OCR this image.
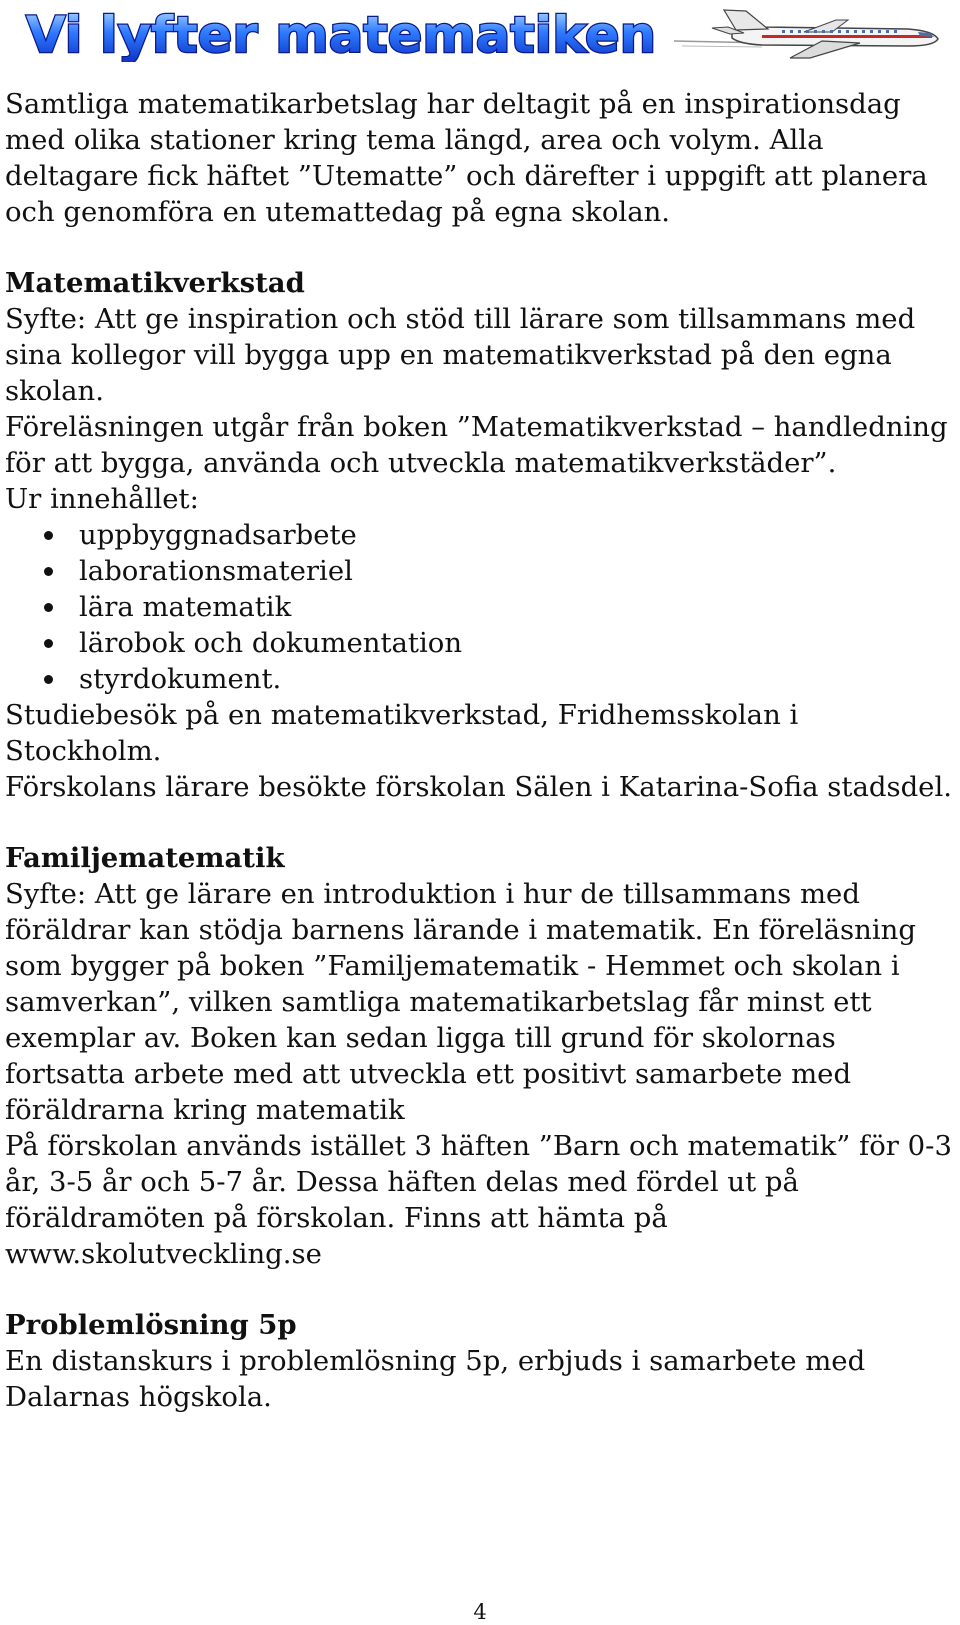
Vi lyfter matematiken

Samtliga matematikarbetslag har deltagit på en inspirationsdag med olika stationer kring tema längd, area och volym. Alla deltagare fick häftet ”Utematte” och därefter i uppgift att planera och genomföra en utemattedag på egna skolan.

Matematikverkstad

Syfte: Att ge inspiration och stöd till lärare som tillsammans med sina kollegor vill bygga upp en matematikverkstad på den egna skolan.

Föreläsningen utgår från boken ”Matematikverkstad – handledning för att bygga, använda och utveckla matematikverkstäder”.

Ur innehållet:

uppbyggnadsarbete
laborationsmateriel
lära matematik
lärobok och dokumentation
styrdokument.

Studiebesök på en matematikverkstad, Fridhemsskolan i Stockholm.

Förskolans lärare besökte förskolan Sälen i Katarina-Sofia stadsdel.

Familjematematik

Syfte: Att ge lärare en introduktion i hur de tillsammans med föräldrar kan stödja barnens lärande i matematik. En föreläsning som bygger på boken ”Familjematematik - Hemmet och skolan i samverkan”, vilken samtliga matematikarbetslag får minst ett exemplar av. Boken kan sedan ligga till grund för skolornas fortsatta arbete med att utveckla ett positivt samarbete med föräldrarna kring matematik

På förskolan används istället 3 häften ”Barn och matematik” för 0-3 år, 3-5 år och 5-7 år. Dessa häften delas med fördel ut på föräldramöten på förskolan. Finns att hämta på www.skolutveckling.se

Problemlösning 5p

En distanskurs i problemlösning 5p, erbjuds i samarbete med Dalarnas högskola.

4
